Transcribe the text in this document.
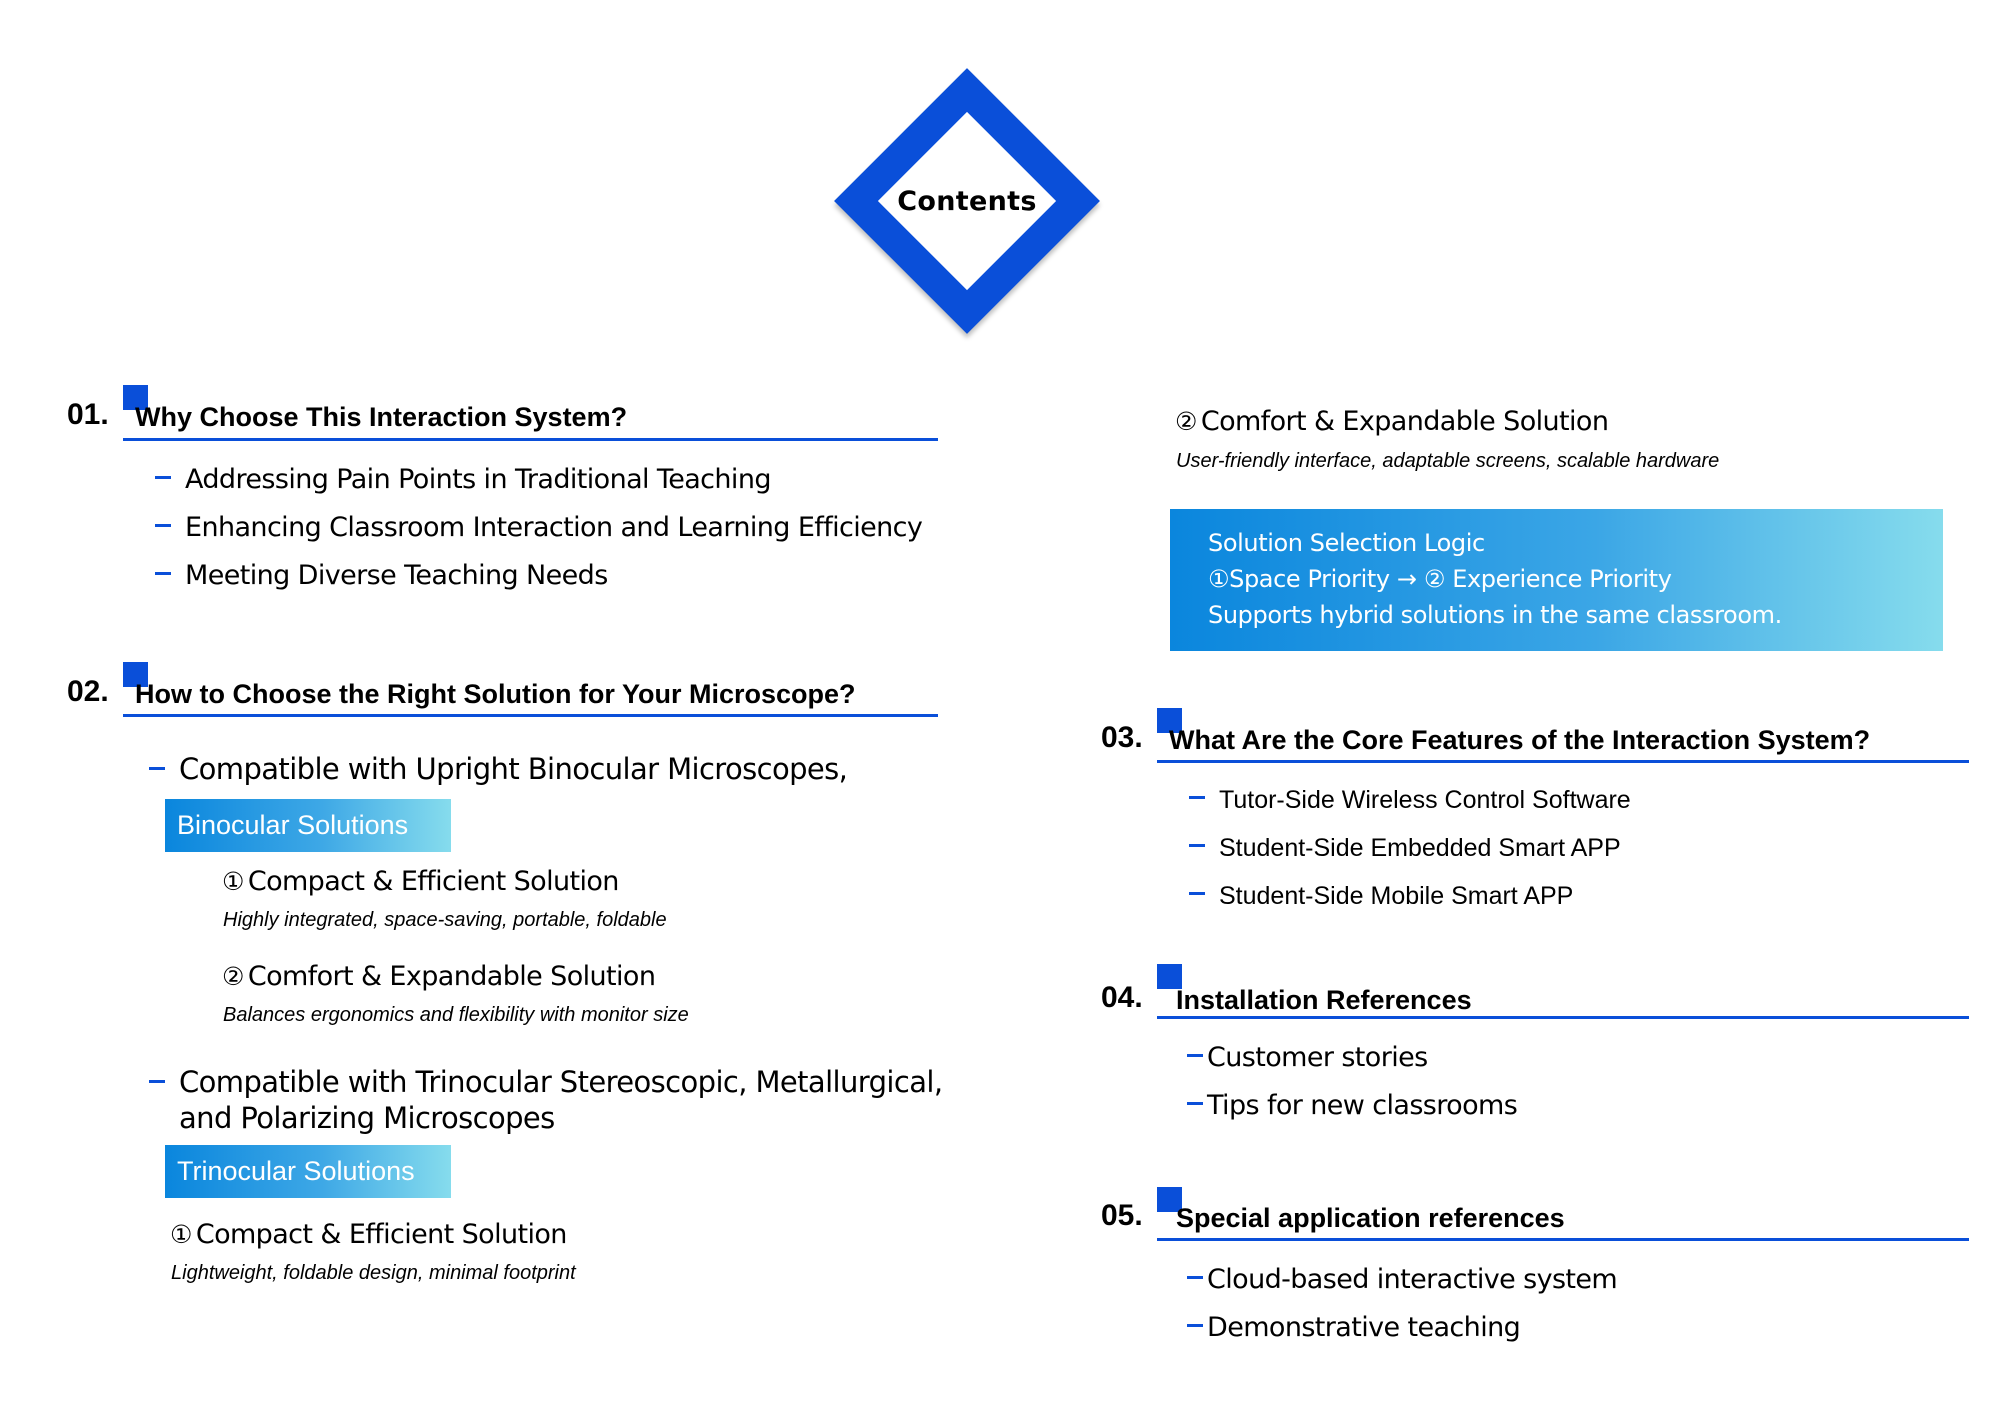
Contents
01. Why Choose This Interaction System?
Addressing Pain Points in Traditional Teaching
Enhancing Classroom Interaction and Learning Efficiency
Meeting Diverse Teaching Needs
02. How to Choose the Right Solution for Your Microscope?
Compatible with Upright Binocular Microscopes,
Binocular Solutions
① Compact & Efficient Solution
Highly integrated, space-saving, portable, foldable
② Comfort & Expandable Solution
Balances ergonomics and flexibility with monitor size
Compatible with Trinocular Stereoscopic, Metallurgical,
and Polarizing Microscopes
Trinocular Solutions
① Compact & Efficient Solution
Lightweight, foldable design, minimal footprint
② Comfort & Expandable Solution
User-friendly interface, adaptable screens, scalable hardware
Solution Selection Logic
①Space Priority → ② Experience Priority
Supports hybrid solutions in the same classroom.
03. What Are the Core Features of the Interaction System?
Tutor-Side Wireless Control Software
Student-Side Embedded Smart APP
Student-Side Mobile Smart APP
04. Installation References
Customer stories
Tips for new classrooms
05. Special application references
Cloud-based interactive system
Demonstrative teaching
